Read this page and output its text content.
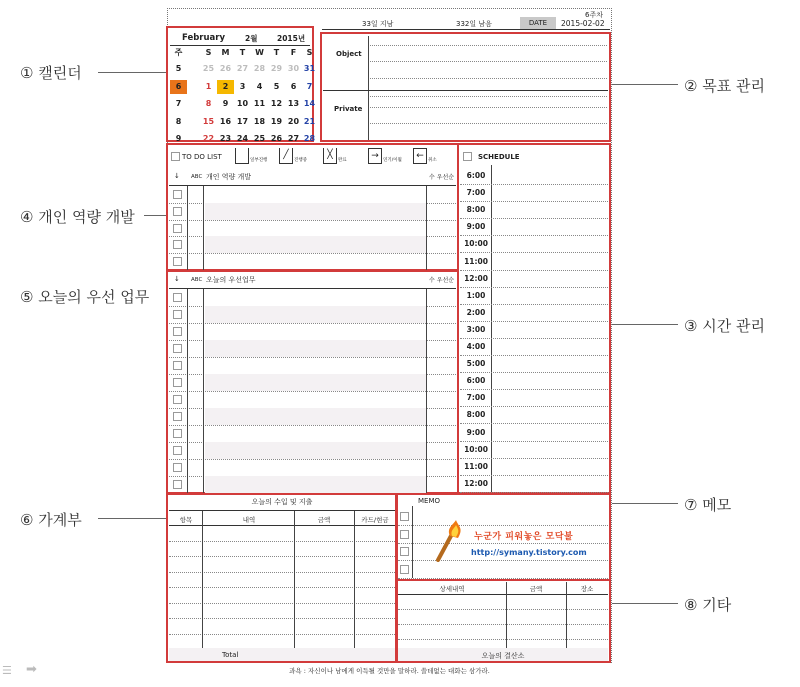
6주차
33일 지남	332일 남음	DATE	2015-02-02
February	2월	2015년
주	S	M	T	W	T	F	S
5	25 26 27 28 29 30 31
6	1	2	3	4	5	6	7
7	8	9	10 11 12 13 14
8	15 16 17 18 19 20 21
9	22 23 24 25 26 27 28
Object
Private
TO DO LIST	일부진행
╱
진행중
╳
완료	→ 연기/이월	← 취소
↓ ABC 개인 역량 개발	수 우선순
↓ ABC 오늘의 우선업무	수 우선순
SCHEDULE
6:00
7:00
8:00
9:00
10:00
11:00
12:00
1:00
2:00
3:00
4:00
5:00
6:00
7:00
8:00
9:00
10:00
11:00
12:00
오늘의 수입 및 지출
항목	내역	금액	카드/현금
Total
MEMO
누군가 피워놓은 모닥불
http://symany.tistory.com
상세내역	금액	장소
오늘의 결산소
과욕 : 자신이나 남에게 이득될 것만을 말하라. 쓸데없는 대화는 삼가라.
① 캘린더
② 목표 관리
④ 개인 역량 개발
⑤ 오늘의 우선 업무
③ 시간 관리
⑥ 가계부
⑦ 메모
⑧ 기타
☰ ➡
